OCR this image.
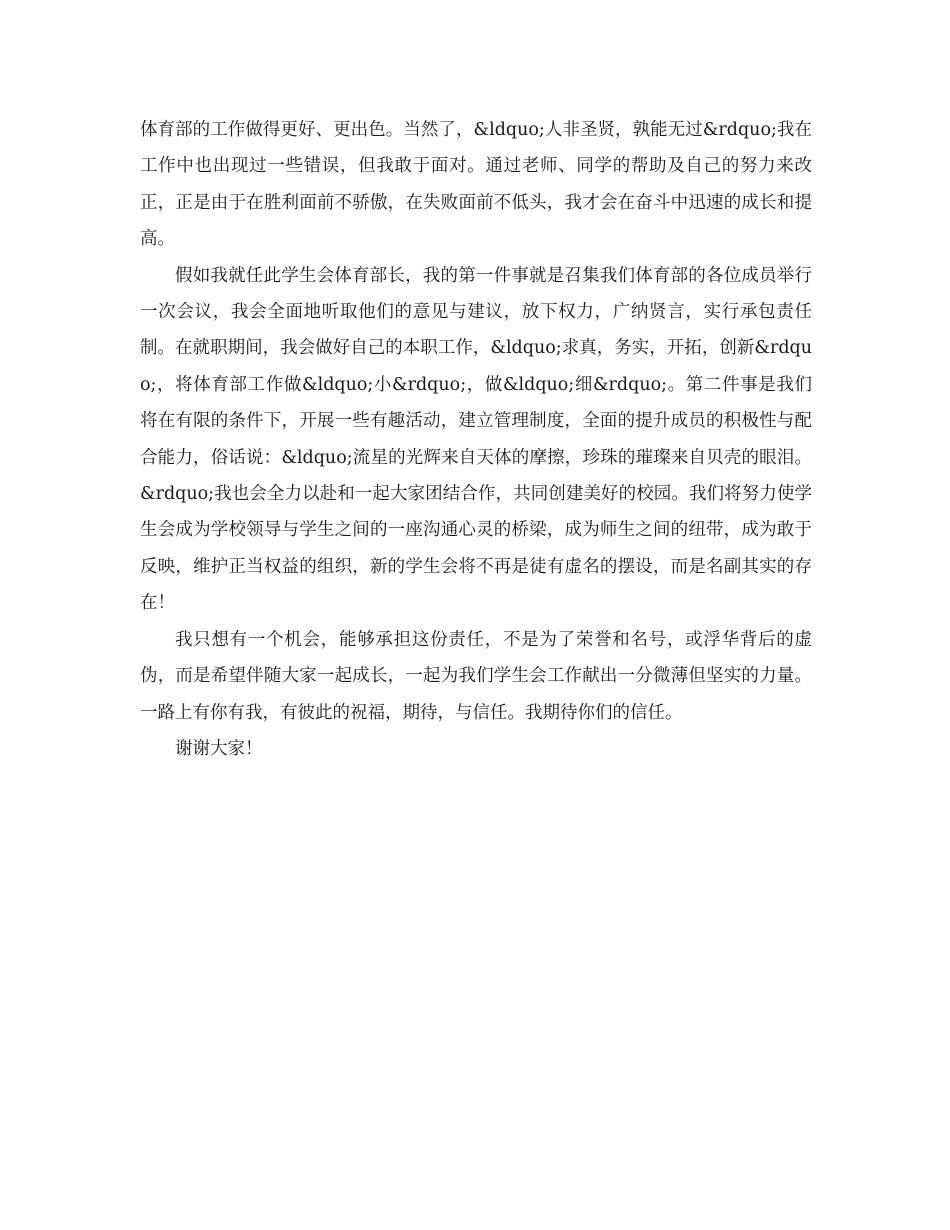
体育部的工作做得更好、更出色。当然了，&ldquo;人非圣贤，孰能无过&rdquo;我在工作中也出现过一些错误，但我敢于面对。通过老师、同学的帮助及自己的努力来改正，正是由于在胜利面前不骄傲，在失败面前不低头，我才会在奋斗中迅速的成长和提高。

假如我就任此学生会体育部长，我的第一件事就是召集我们体育部的各位成员举行一次会议，我会全面地听取他们的意见与建议，放下权力，广纳贤言，实行承包责任制。在就职期间，我会做好自己的本职工作，&ldquo;求真，务实，开拓，创新&rdquo;，将体育部工作做&ldquo;小&rdquo;，做&ldquo;细&rdquo;。第二件事是我们将在有限的条件下，开展一些有趣活动，建立管理制度，全面的提升成员的积极性与配合能力，俗话说：&ldquo;流星的光辉来自天体的摩擦，珍珠的璀璨来自贝壳的眼泪。&rdquo;我也会全力以赴和一起大家团结合作，共同创建美好的校园。我们将努力使学生会成为学校领导与学生之间的一座沟通心灵的桥梁，成为师生之间的纽带，成为敢于反映，维护正当权益的组织，新的学生会将不再是徒有虚名的摆设，而是名副其实的存在！

我只想有一个机会，能够承担这份责任，不是为了荣誉和名号，或浮华背后的虚伪，而是希望伴随大家一起成长，一起为我们学生会工作献出一分微薄但坚实的力量。一路上有你有我，有彼此的祝福，期待，与信任。我期待你们的信任。

谢谢大家！
